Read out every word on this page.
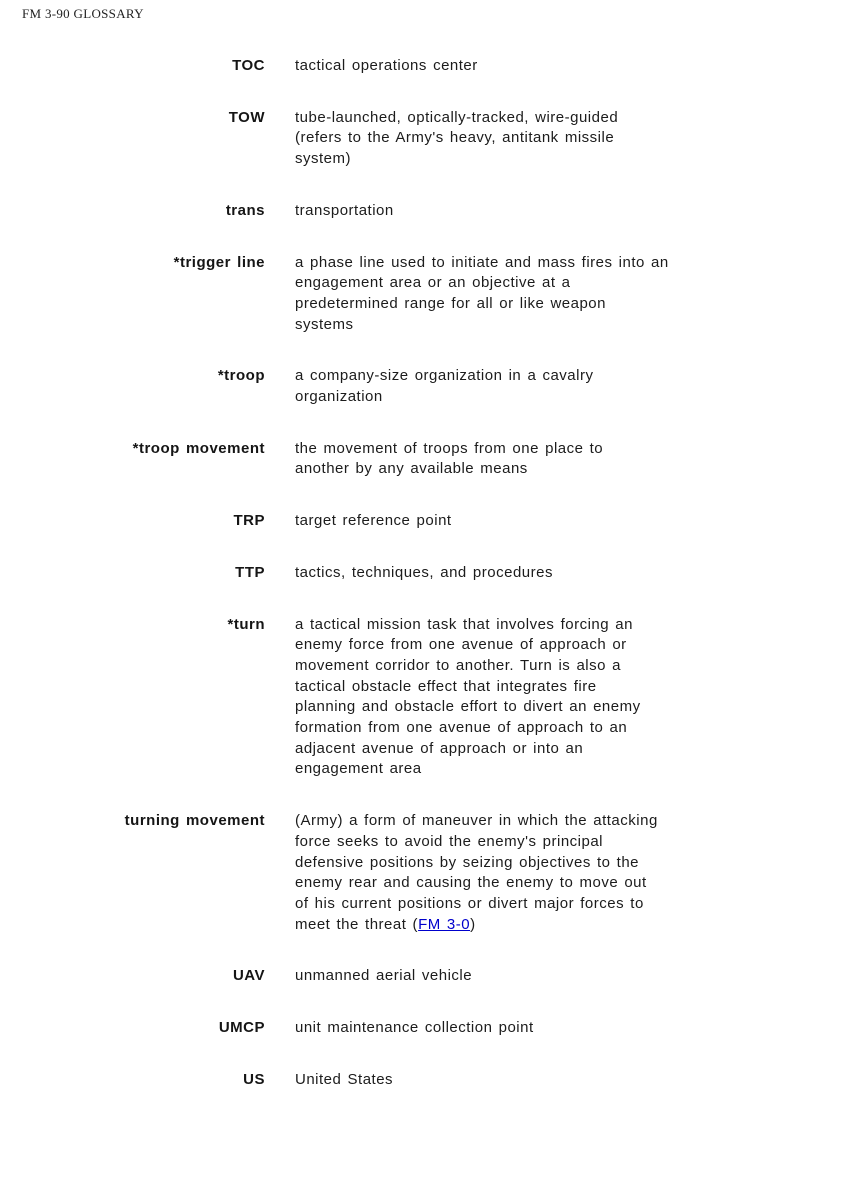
FM 3-90 GLOSSARY
TOC tactical operations center
TOW tube-launched, optically-tracked, wire-guided
(refers to the Army's heavy, antitank missile
system)
trans transportation
*trigger line a phase line used to initiate and mass fires into an
engagement area or an objective at a
predetermined range for all or like weapon
systems
*troop a company-size organization in a cavalry
organization
*troop movement the movement of troops from one place to
another by any available means
TRP target reference point
TTP tactics, techniques, and procedures
*turn a tactical mission task that involves forcing an
enemy force from one avenue of approach or
movement corridor to another. Turn is also a
tactical obstacle effect that integrates fire
planning and obstacle effort to divert an enemy
formation from one avenue of approach to an
adjacent avenue of approach or into an
engagement area
turning movement (Army) a form of maneuver in which the attacking
force seeks to avoid the enemy's principal
defensive positions by seizing objectives to the
enemy rear and causing the enemy to move out
of his current positions or divert major forces to
meet the threat (FM 3-0)
UAV unmanned aerial vehicle
UMCP unit maintenance collection point
US United States
